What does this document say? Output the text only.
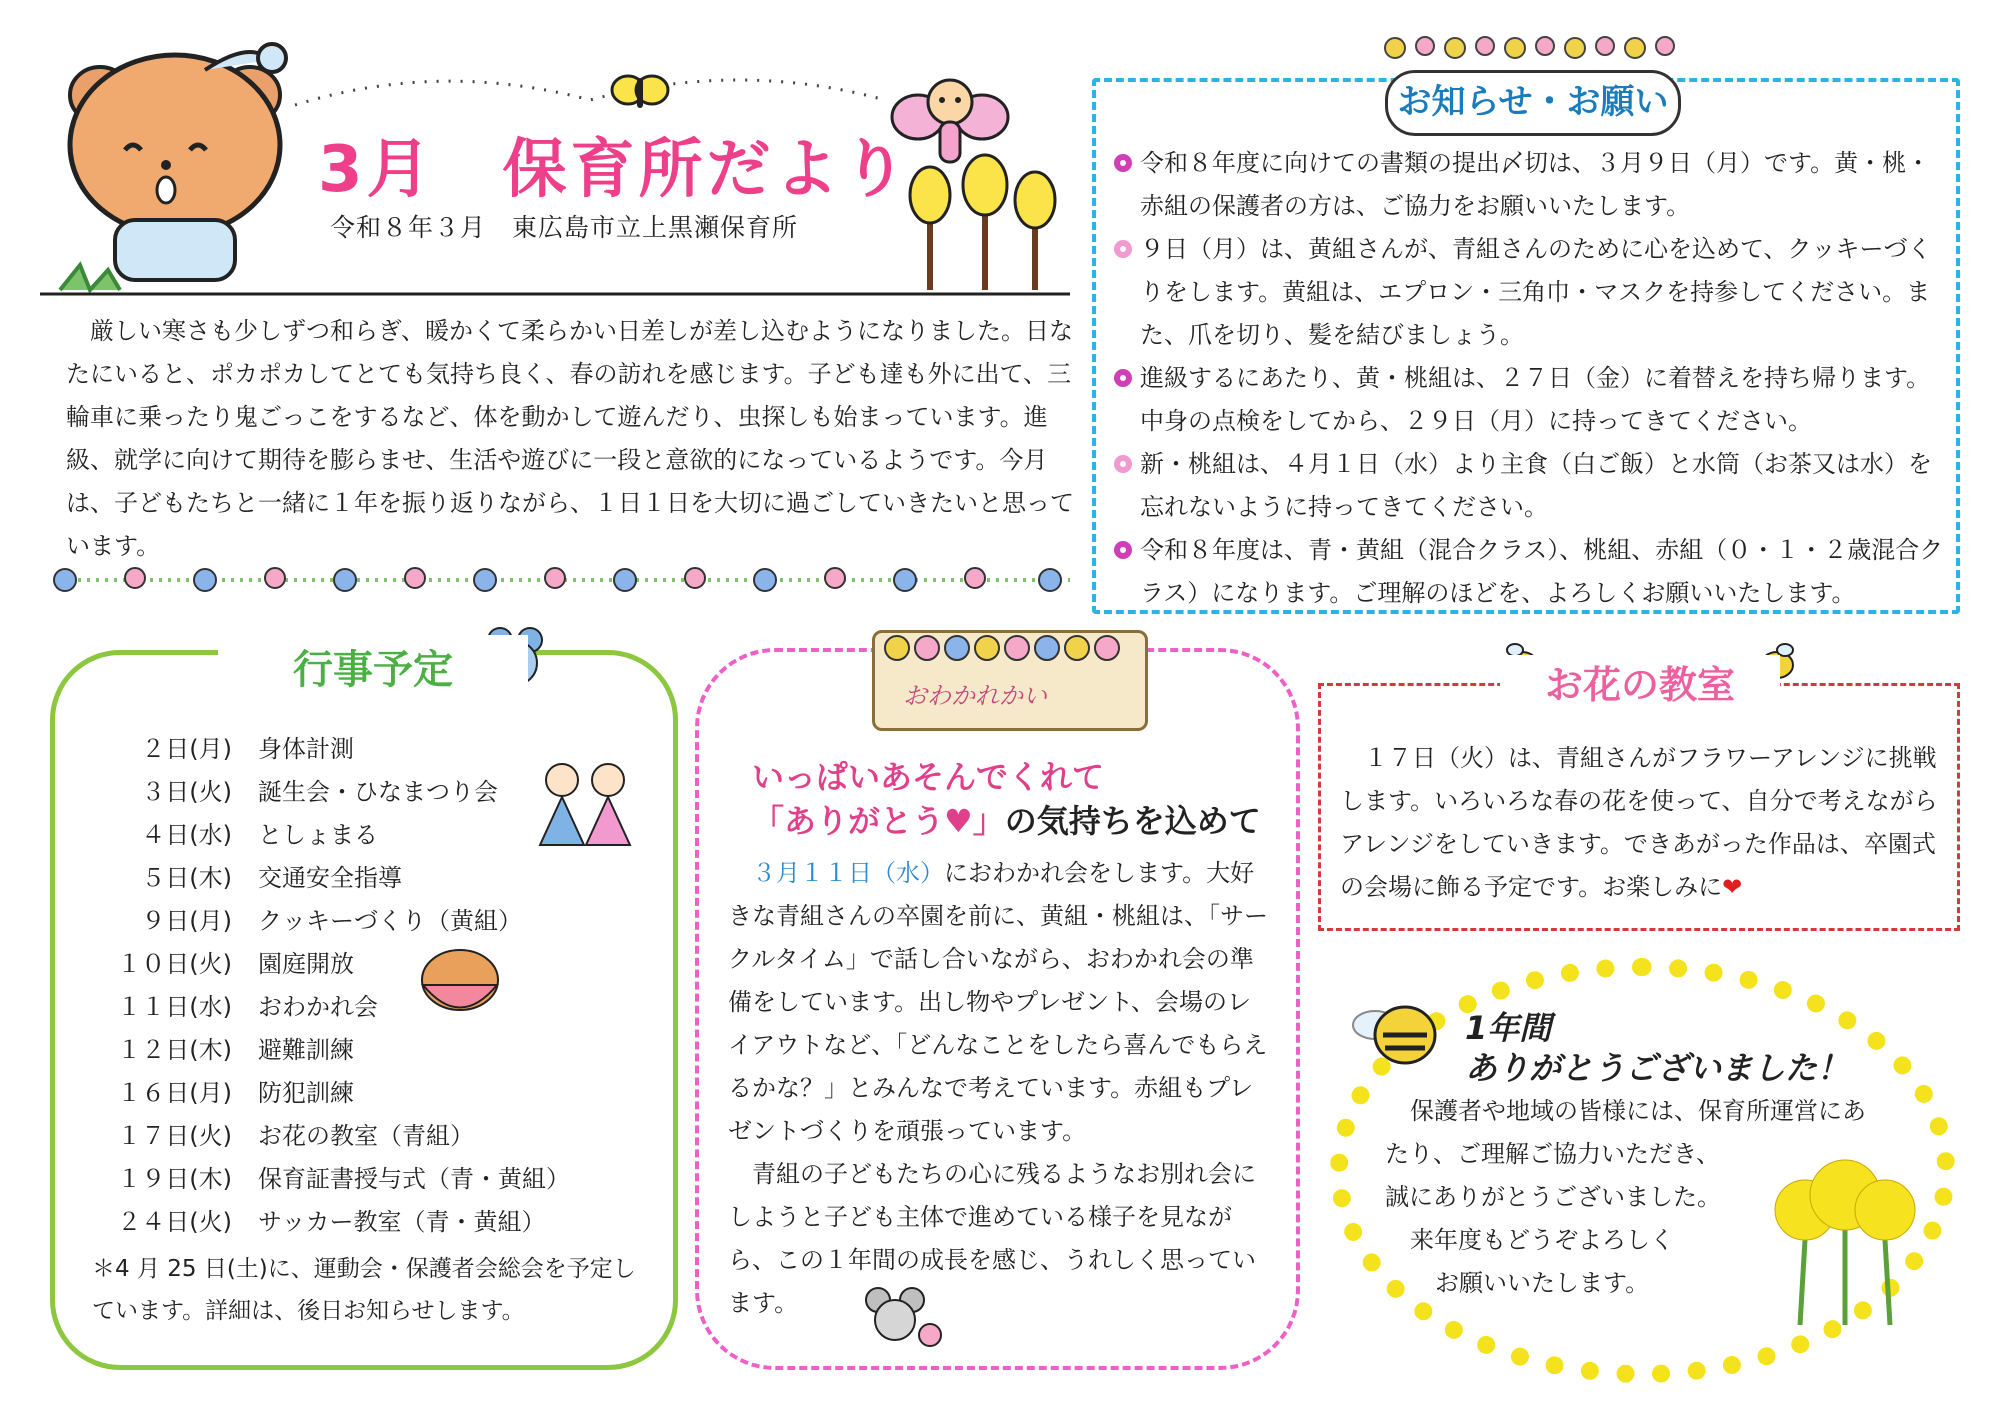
3月　保育所だより
令和８年３月　東広島市立上黒瀬保育所

厳しい寒さも少しずつ和らぎ、暖かくて柔らかい日差しが差し込むようになりました。日なたにいると、ポカポカしてとても気持ち良く、春の訪れを感じます。子ども達も外に出て、三輪車に乗ったり鬼ごっこをするなど、体を動かして遊んだり、虫探しも始まっています。進級、就学に向けて期待を膨らませ、生活や遊びに一段と意欲的になっているようです。今月は、子どもたちと一緒に１年を振り返りながら、１日１日を大切に過ごしていきたいと思っています。

お知らせ・お願い
令和８年度に向けての書類の提出〆切は、３月９日（月）です。黄・桃・赤組の保護者の方は、ご協力をお願いいたします。
９日（月）は、黄組さんが、青組さんのために心を込めて、クッキーづくりをします。黄組は、エプロン・三角巾・マスクを持参してください。また、爪を切り、髪を結びましょう。
進級するにあたり、黄・桃組は、２７日（金）に着替えを持ち帰ります。中身の点検をしてから、２９日（月）に持ってきてください。
新・桃組は、４月１日（水）より主食（白ご飯）と水筒（お茶又は水）を忘れないように持ってきてください。
令和８年度は、青・黄組（混合クラス）、桃組、赤組（０・１・２歳混合クラス）になります。ご理解のほどを、よろしくお願いいたします。
行事予定
２日(月)	身体計測
３日(火)	誕生会・ひなまつり会
４日(水)	としょまる
５日(木)	交通安全指導
９日(月)	クッキーづくり（黄組）
１０日(火)	園庭開放
１１日(水)	おわかれ会
１２日(木)	避難訓練
１６日(月)	防犯訓練
１７日(火)	お花の教室（青組）
１９日(木)	保育証書授与式（青・黄組）
２４日(火)	サッカー教室（青・黄組）
＊4 月 25 日(土)に、運動会・保護者会総会を予定しています。詳細は、後日お知らせします。
おわかれかい
いっぱいあそんでくれて
「ありがとう♥」の気持ちを込めて

３月１１日（水）におわかれ会をします。大好きな青組さんの卒園を前に、黄組・桃組は、「サークルタイム」で話し合いながら、おわかれ会の準備をしています。出し物やプレゼント、会場のレイアウトなど、「どんなことをしたら喜んでもらえるかな？」とみんなで考えています。赤組もプレゼントづくりを頑張っています。

青組の子どもたちの心に残るようなお別れ会にしようと子ども主体で進めている様子を見ながら、この１年間の成長を感じ、うれしく思っています。

お花の教室

１７日（火）は、青組さんがフラワーアレンジに挑戦します。いろいろな春の花を使って、自分で考えながらアレンジをしていきます。できあがった作品は、卒園式の会場に飾る予定です。お楽しみに❤

1年間
ありがとうございました！
保護者や地域の皆様には、保育所運営にあ
たり、ご理解ご協力いただき、
誠にありがとうございました。
来年度もどうぞよろしく
お願いいたします。
